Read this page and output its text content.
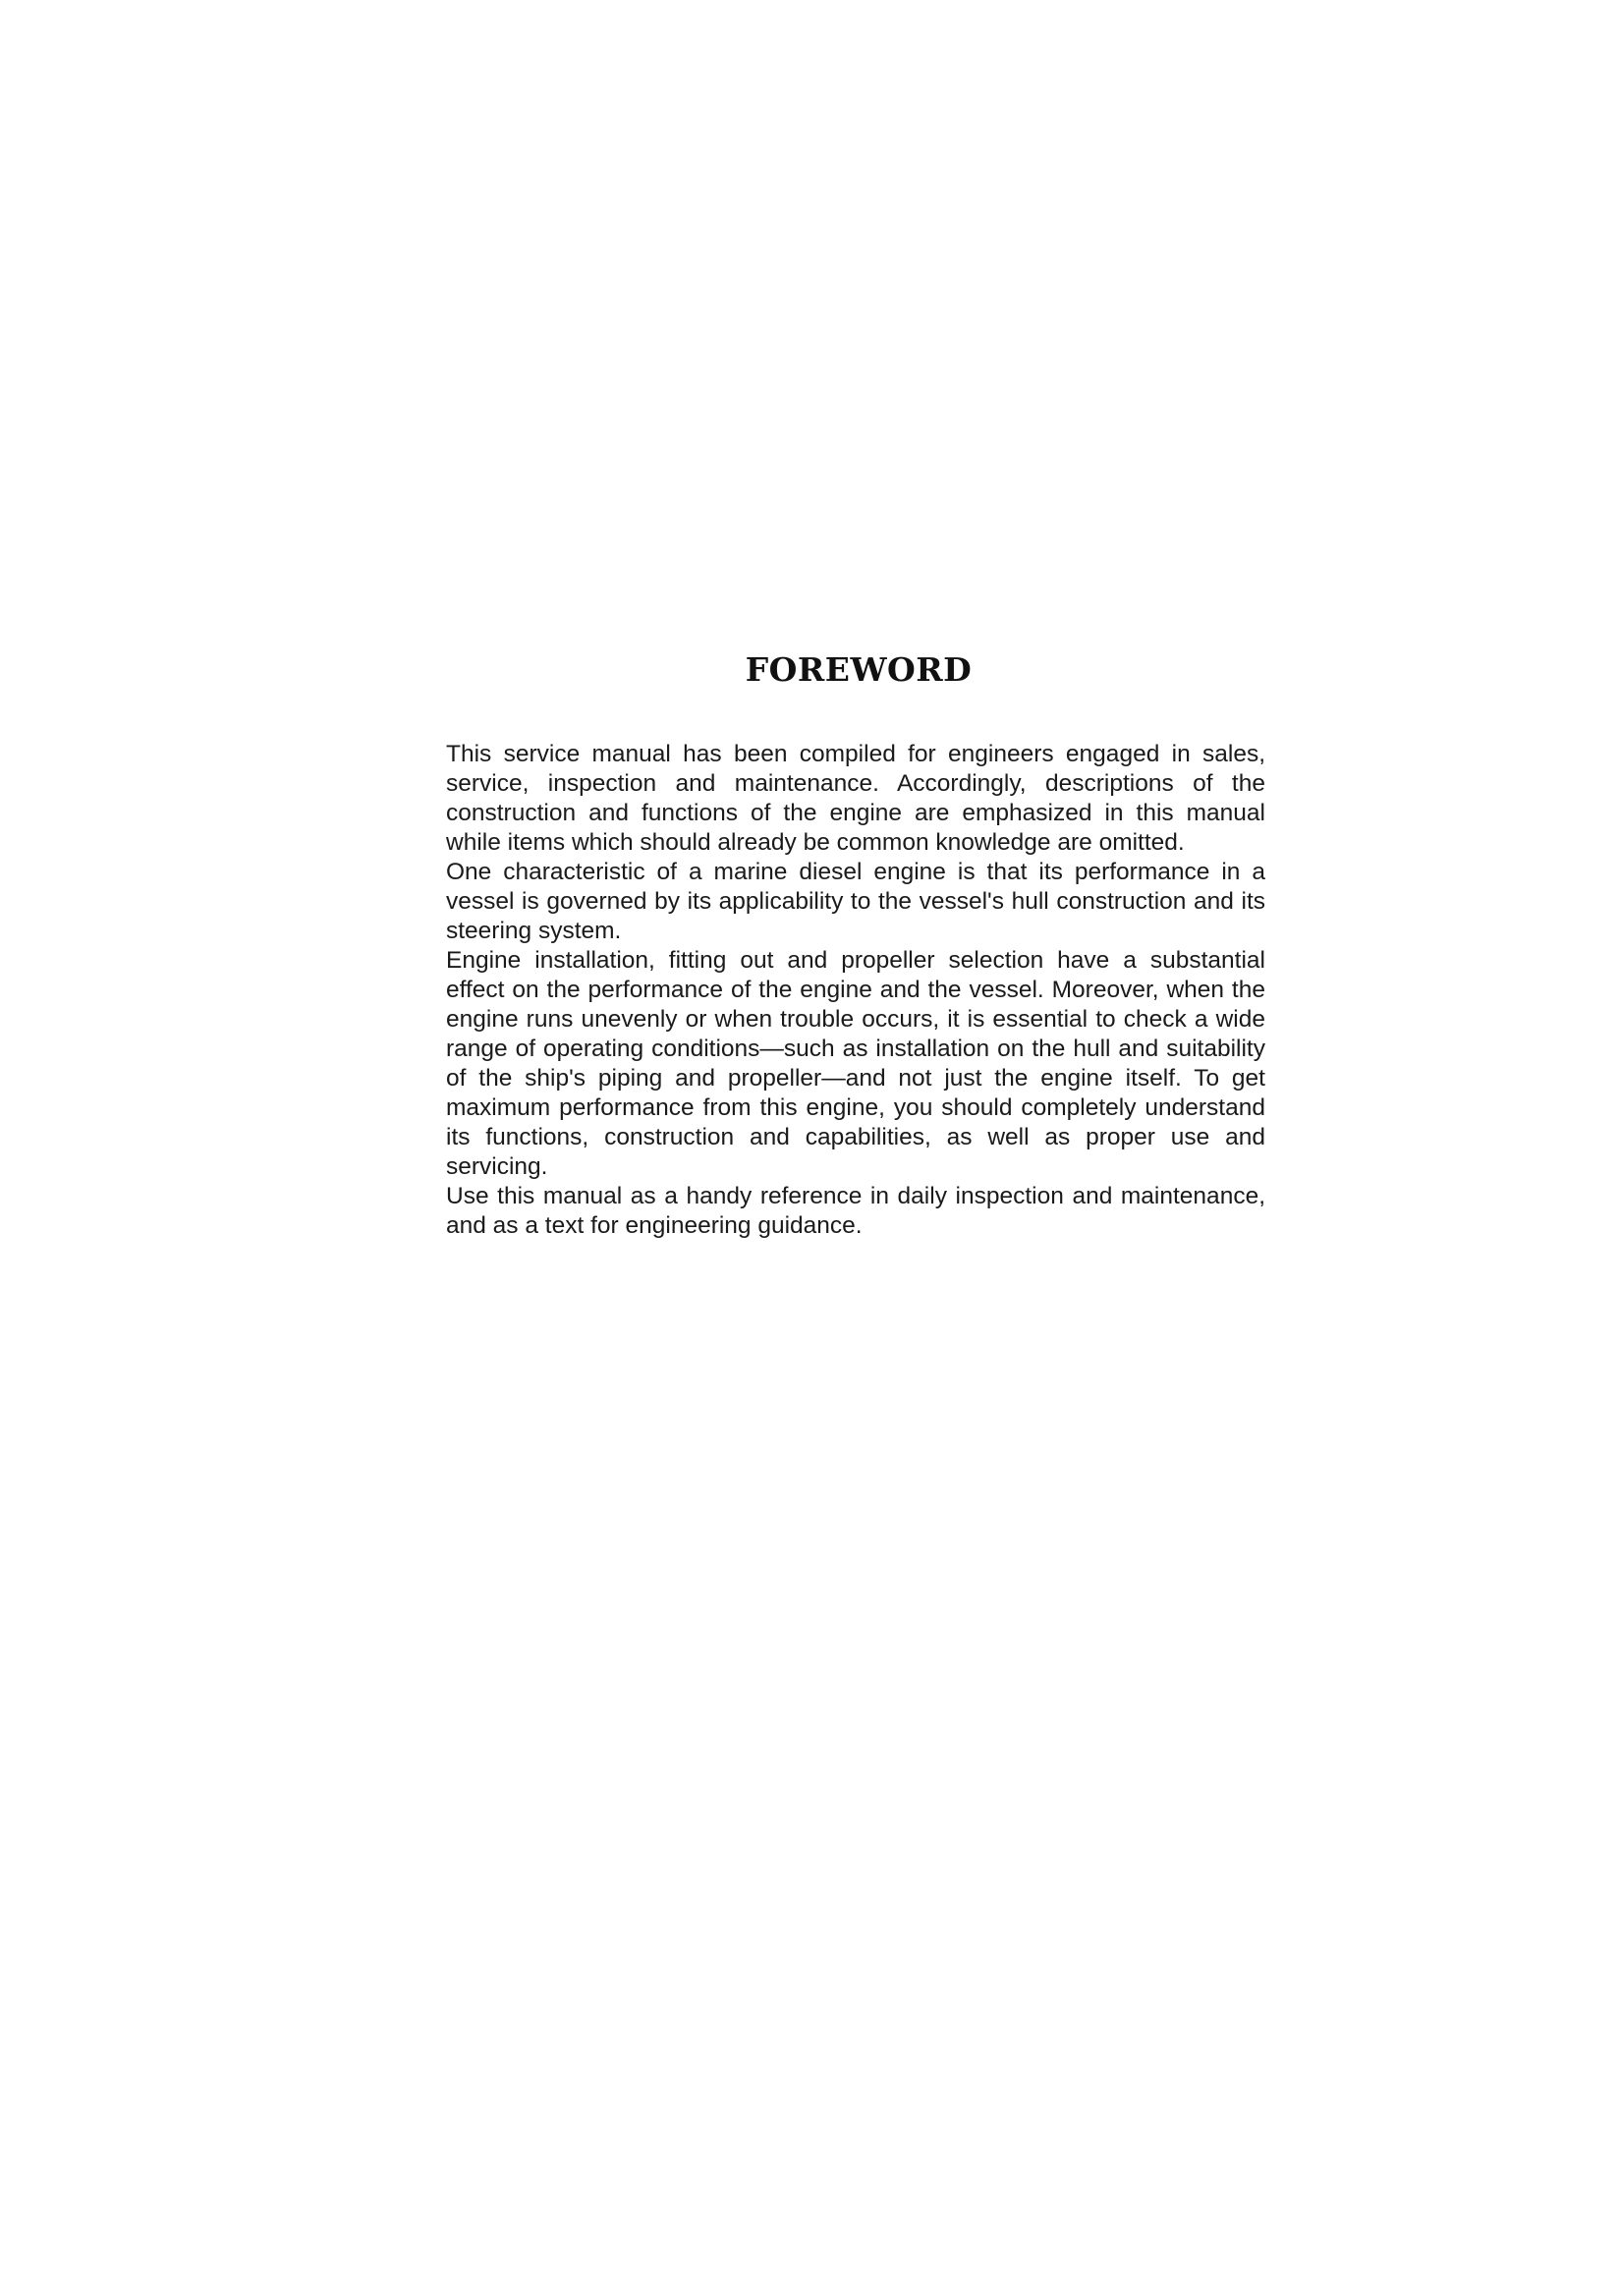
FOREWORD

This service manual has been compiled for engineers engaged in sales, service, inspection and maintenance. Accordingly, descriptions of the construction and functions of the engine are emphasized in this manual while items which should already be common knowledge are omitted.

One characteristic of a marine diesel engine is that its performance in a vessel is governed by its applicability to the vessel's hull construction and its steering system.

Engine installation, fitting out and propeller selection have a substantial effect on the performance of the engine and the vessel. Moreover, when the engine runs unevenly or when trouble occurs, it is essential to check a wide range of operating conditions—such as installation on the hull and suitability of the ship's piping and propeller—and not just the engine itself. To get maximum performance from this engine, you should completely understand its functions, construction and capabilities, as well as proper use and servicing.

Use this manual as a handy reference in daily inspection and maintenance, and as a text for engineering guidance.
